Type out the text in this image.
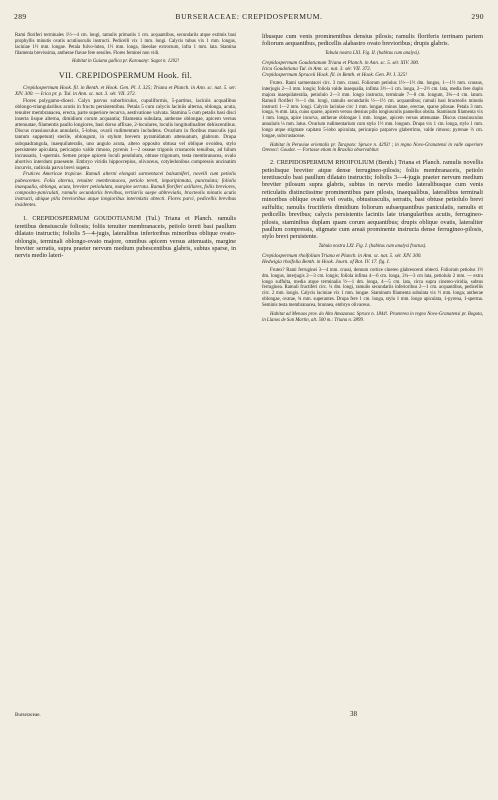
289	BURSERACEAE: CREPIDOSPERMUM.	290

Rami floriferi terminales 1½—4 cm. longi, ramulis primariis 1 cm. acquantibus, secundariis atque extimis basi prophyllis minutis ovatis acutiiusculis instructi. Pedicelli vix 1 mm. longi. Calycis tubus vix 1 mm. longus, laciniae 1½ mm. longae. Petala fulvo-lutea, 1½ mm. longa, lineolae extrorsum, infra 1 mm. lata. Stamina filamenta brevissima, antherae flavae fere sessiles. Flores feminei non vidi.

Habitat in Guiana gallica pr. Karouany: Sagot n. 1202!

VII. CREPIDOSPERMUM Hook. fil.

Crepidospermum Hook. fil. in Benth. et Hook. Gen. Pl. I. 325; Triana et Planch. in Ann. sc. nat. 5. ser. XIV. 300. — Icica pr. p. Tul. in Ann. sc. nat. 3. sér. VII. 372.

Flores polygamo-dioeci. Calyx parvus suborbiculus, cupuliformis, 5-partitus, laciniis acquaIibus oblongo-triangularibus acutis in fructu persistentibus. Petala 5 cum calycis laciniis alterna, oblonga, acuta, tenuiter membranacea, erecta, parte superiore recurva, aestivatione valvata. Stamina 5 cum petalis basi disci inserta iisque alterna, dimidium corum acquantia; filamenta subulata, antherae oblongae, apicem versus attenuatae, filamentis paullo longiores, basi dorso affixae, 2-loculares, loculis longitudinaliter dehiscentibus. Discus crassiusculus annularis, 5-lobus, ovarii rudimentum includens. Ovarium in floribus masculis (qui tantum suppetunt) sterile, oblongum, in stylum brevem pyramidatum attenuatum, glabrum. Drupa subquadrangula, inaequilateralis, uno angulo acuta, altero opposito obtusa vel oblique ovoidea, stylo persistente apiculata, pericarpio valde rimoso, pyrenis 1—2 osseae trigonis crustaceis tenuibus, ad hilum incrassatis, 1-spermis. Semen prope apicem loculi pendulum, obtuse trigonum, testa membranacea, ovalo abortivo interdum praesente. Embryo viridis hippocrepius, olivaceus, cotyledonibus compressis uncinatim incurvis, radicula parva brevi supera.

Frutices Americae tropicae. Ramuli alterni elongati sarmentacei balsamiferi, novelli cum petiolis pubescentes. Folia alterna, tenuiter membranacea, petiolo tereti, imparipinnata, punctulata; foliolis inaequalia, oblonga, acuta, breviter petiolulata, margine serrata. Ramuli floriferi axillares, foliis breviores, composito-paniculati, ramulis secundariis brevibus, tertiariis saepe abbreviatis, bracteolis minutis acutis instructi, ubique pilis brevioribus atque longioribus intermixtis obtecti. Flores parvi, pedicellis brevibus insidentes.

1. CREPIDOSPERMUM GOUDOTIANUM (Tul.) Triana et Planch. ramulis teretibus densiuscule foliosis; foliis tenuiter membranaceis, petiolo tereti basi paullum dilatato instructis; foliolis 5—4-jugis, lateralibus inferioribus minoribus oblique ovato-oblongis, terminali oblongo-ovato majore, omnibus apicem versus attenuatis, margine breviter serratis, supra praeter nervum medium pubescentibus glabris, subtus sparse, in nervis medio lateri-

libusque cum venis prominentibus densius pilosis; ramulis floriferis terrinam partem foliorum aequantibus, pedicellis alabastro ovato brevioribus; drupis glabris.

Tabula nostra LXI. Fig. II. (habitus cum analysi).

Crepidospermum Goudotianum Triana et Planch. in Ann. sc. 5. sér. XIV. 300.

Icica Goudotiana Tul. in Ann. sc. nat. 3. sér. VII. 372.

Crepidospermum Spruceii Hook. fil. in Benth. et Hook. Gen. Pl. I. 325!

Frutex. Rami sarmentacei circ. 3 mm. crassi. Foliorum petiolus 1½—1½ dm. longus, 1—1½ mm. crassus, interjugis 2—3 mm. longis; foliola valde inaequalia, infima 3½—1 cm. longa, 2—2½ cm. lata, media fere duplo majora inaequilateralia, petiolulo 2—3 mm. longo instructa, terminale 7—8 cm. longum, 3¾—4 cm. latum. Ramuli floriferi ½—1 dm. longi, ramulis secundariis ½—1½ cm. acquantibus; ramuli basi bracteolis minutis instructi 1—2 mm. longi. Calycis laciniae circ 1 mm. longae, minus latae, erectae, sparse pilosae. Petala 3 mm. longa, ¾ mm. lata, cuius sparse, apicem versus densius pilis longiusculis pannellus obsita. Staminum filamenta vix 1 mm. longa, apice incurva, antherae oblongae 1 mm. longae, apicem versus attenuatae. Discus crassiusculus annularis ¼ mm. latus. Ovarium rudimentarium cum stylo 1½ mm. longum. Drupa vix 1 cm. longa, stylo 1 mm. longo atque stigmate capitato 5-lobo apiculata, pericarpio parparvo glaberrimo, valde rimoso; pyrenae ⅔ cm. longae, subcrustaceae.

Habitat in Peruviae orientalis pr. Tarapoto: Spruce n. 4293! ; in regno Novo-Granatensi in valle superiore Orenoci: Goudot. — Fortasse etiam in Brasilia observabitur.

2. CREPIDOSPERMUM RHOIFOLIUM (Benth.) Triana et Planch. ramulis novellis petiolisque breviter atque dense ferrugineo-pilosis; foliis membranaceis, petiolo teretiusculo basi paullum dilatato instructis; foliolis 3—4-jugis praeter nervum medium breviter pilosum supra glabris, subtus in nervis medio lateralibusque cum venis reticulatis distinctissime prominentibus pare pilosis, inaequalibus, lateralibus terminali minoribus oblique ovatis vel ovatis, obtusiusculis, serratis, basi obtuse petiolulo brevi suffultis; ramulis fructiferis dimidium foliorum subaequantibus paniculatis, ramulis et pedicellis brevibus; calycis persistentis laciniis late triangularibus acutis, ferrugineo-pilosis, staminibus duplam quam corum aequantibus; drupis oblique ovatis, lateraliter paullum compressis, stigmate cum areaā prominente instructa dense ferrugineo-pilosis, stylo brevi persistente.

Tabula nostra LXI. Fig. I. (habitus cum analysi fructus).

Crepidospermum rhoifolium Triana et Planch. in Ann. sc. nat. 5. sér. XIV. 300.

Hedwigia rhoifolia Benth. in Hook. Journ. of Bot. IV. 17. fig. I.

Frutex? Rami ferruginei 3—4 mm. crassi, demum cortice cinereo glabrescenti obtecti. Foliorum petiolus 1½ dm. longus, interjugis 2—3 cm. longis; foliola infima 4—6 cm. longa, 2¼—3 cm lata, petiolulo 2 mm. — extra longo suffulta, media atque terminalia ½—1 dm. longa, 4—5 cm. lata, circa supra cinereo-viridia, subtus ferruginea. Ramuli fructiferi circ. ¼ dm. longi, ramulis secundariis inferioribus 2—1 cm. acquantibus, pedicellis circ. 2 mm. longis. Calycis laciniae vix 1 mm. longae. Staminum filamenta subulata vix ½ mm. longa; antherae oblongae, ovatae, ¾ mm. superantes. Drupa fere 1 cm. longa, stylo 1 mm. longo apiculata, 1-pyrena, 1-sperma. Seminis testa membranacea, brunnea, embryo olivaceus.

Habitat ad Menaos prov. do Alto Amazonas: Spruce n. 1844!. Praeterea in regno Novo-Granatensi pr. Bogota, in Llanos de San Martin, alt. 500 m.: Triana n. 3899.

Burseraceae.	38
